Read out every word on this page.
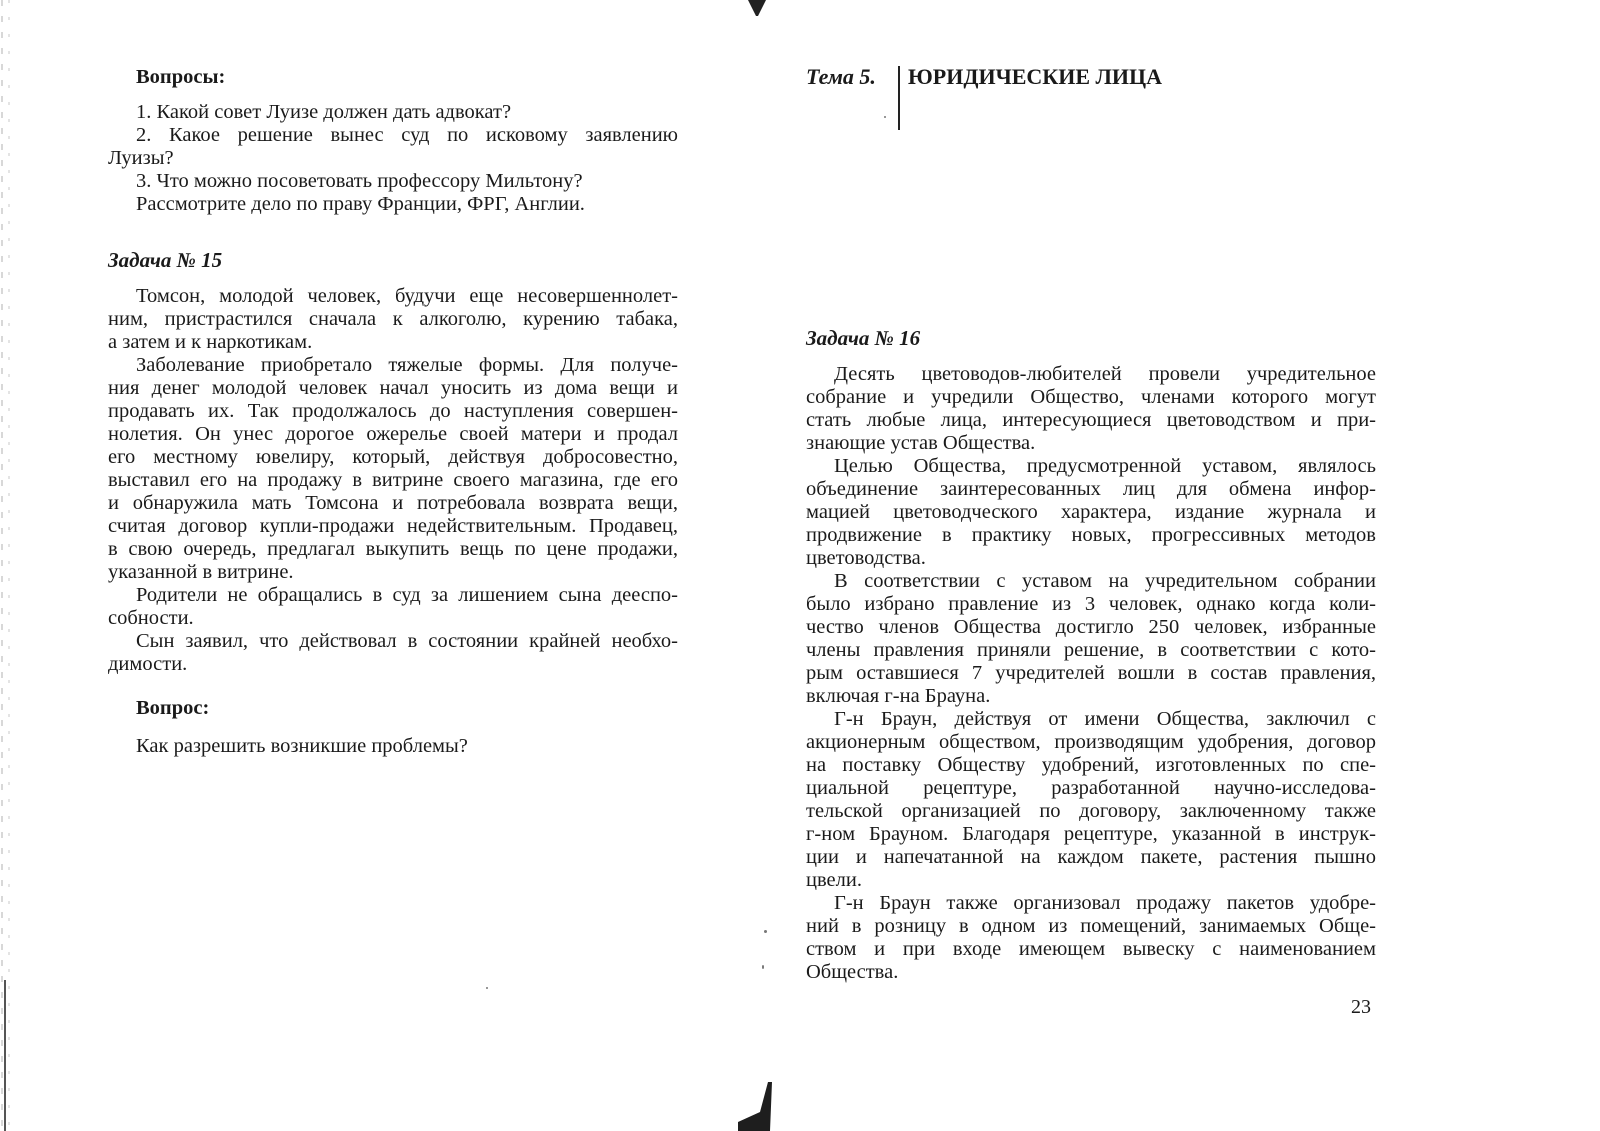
Вопросы:
1. Какой совет Луизе должен дать адвокат?
2. Какое решение вынес суд по исковому заявлению
Луизы?
3. Что можно посоветовать профессору Мильтону?
Рассмотрите дело по праву Франции, ФРГ, Англии.
Задача № 15
Томсон, молодой человек, будучи еще несовершеннолет-
ним, пристрастился сначала к алкоголю, курению табака,
а затем и к наркотикам.
Заболевание приобретало тяжелые формы. Для получе-
ния денег молодой человек начал уносить из дома вещи и
продавать их. Так продолжалось до наступления совершен-
нолетия. Он унес дорогое ожерелье своей матери и продал
его местному ювелиру, который, действуя добросовестно,
выставил его на продажу в витрине своего магазина, где его
и обнаружила мать Томсона и потребовала возврата вещи,
считая договор купли-продажи недействительным. Продавец,
в свою очередь, предлагал выкупить вещь по цене продажи,
указанной в витрине.
Родители не обращались в суд за лишением сына дееспо-
собности.
Сын заявил, что действовал в состоянии крайней необхо-
димости.
Вопрос:
Как разрешить возникшие проблемы?
Тема 5. ЮРИДИЧЕСКИЕ ЛИЦА
Задача № 16
Десять цветоводов-любителей провели учредительное
собрание и учредили Общество, членами которого могут
стать любые лица, интересующиеся цветоводством и при-
знающие устав Общества.
Целью Общества, предусмотренной уставом, являлось
объединение заинтересованных лиц для обмена инфор-
мацией цветоводческого характера, издание журнала и
продвижение в практику новых, прогрессивных методов
цветоводства.
В соответствии с уставом на учредительном собрании
было избрано правление из 3 человек, однако когда коли-
чество членов Общества достигло 250 человек, избранные
члены правления приняли решение, в соответствии с кото-
рым оставшиеся 7 учредителей вошли в состав правления,
включая г-на Брауна.
Г-н Браун, действуя от имени Общества, заключил с
акционерным обществом, производящим удобрения, договор
на поставку Обществу удобрений, изготовленных по спе-
циальной рецептуре, разработанной научно-исследова-
тельской организацией по договору, заключенному также
г-ном Брауном. Благодаря рецептуре, указанной в инструк-
ции и напечатанной на каждом пакете, растения пышно
цвели.
Г-н Браун также организовал продажу пакетов удобре-
ний в розницу в одном из помещений, занимаемых Обще-
ством и при входе имеющем вывеску с наименованием
Общества.
23
